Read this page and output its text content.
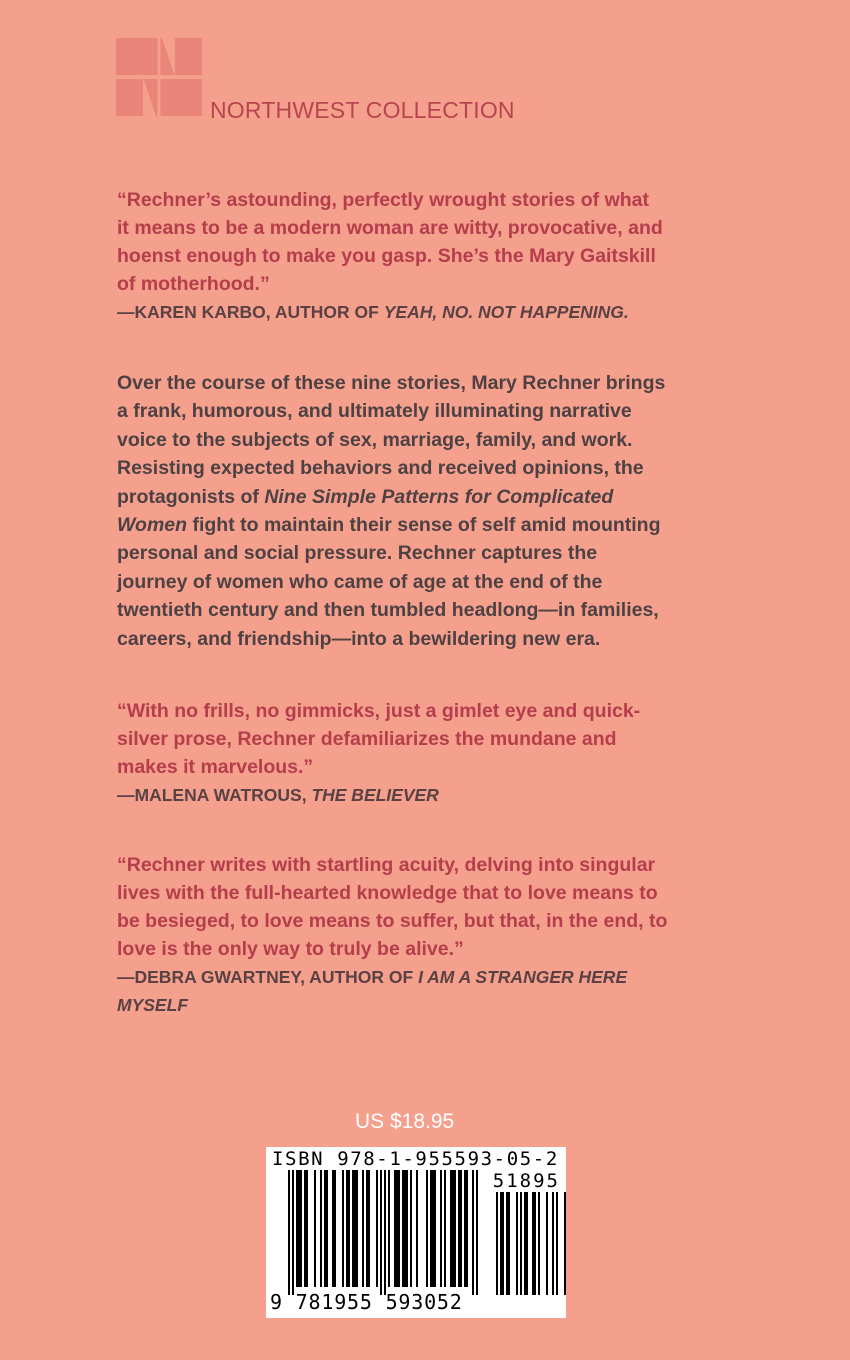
NORTHWEST COLLECTION

“Rechner’s astounding, perfectly wrought stories of what

it means to be a modern woman are witty, provocative, and

hoenst enough to make you gasp. She’s the Mary Gaitskill

of motherhood.”

—KAREN KARBO, AUTHOR OF YEAH, NO. NOT HAPPENING.

Over the course of these nine stories, Mary Rechner brings

a frank, humorous, and ultimately illuminating narrative

voice to the subjects of sex, marriage, family, and work.

Resisting expected behaviors and received opinions, the

protagonists of Nine Simple Patterns for Complicated

Women fight to maintain their sense of self amid mounting

personal and social pressure. Rechner captures the

journey of women who came of age at the end of the

twentieth century and then tumbled headlong—in families,

careers, and friendship—into a bewildering new era.

“With no frills, no gimmicks, just a gimlet eye and quick-

silver prose, Rechner defamiliarizes the mundane and

makes it marvelous.”

—MALENA WATROUS, THE BELIEVER

“Rechner writes with startling acuity, delving into singular

lives with the full-hearted knowledge that to love means to

be besieged, to love means to suffer, but that, in the end, to

love is the only way to truly be alive.”

—DEBRA GWARTNEY, AUTHOR OF I AM A STRANGER HERE

MYSELF

US $18.95
ISBN 978-1-955593-05-2
51895
9 781955 593052
